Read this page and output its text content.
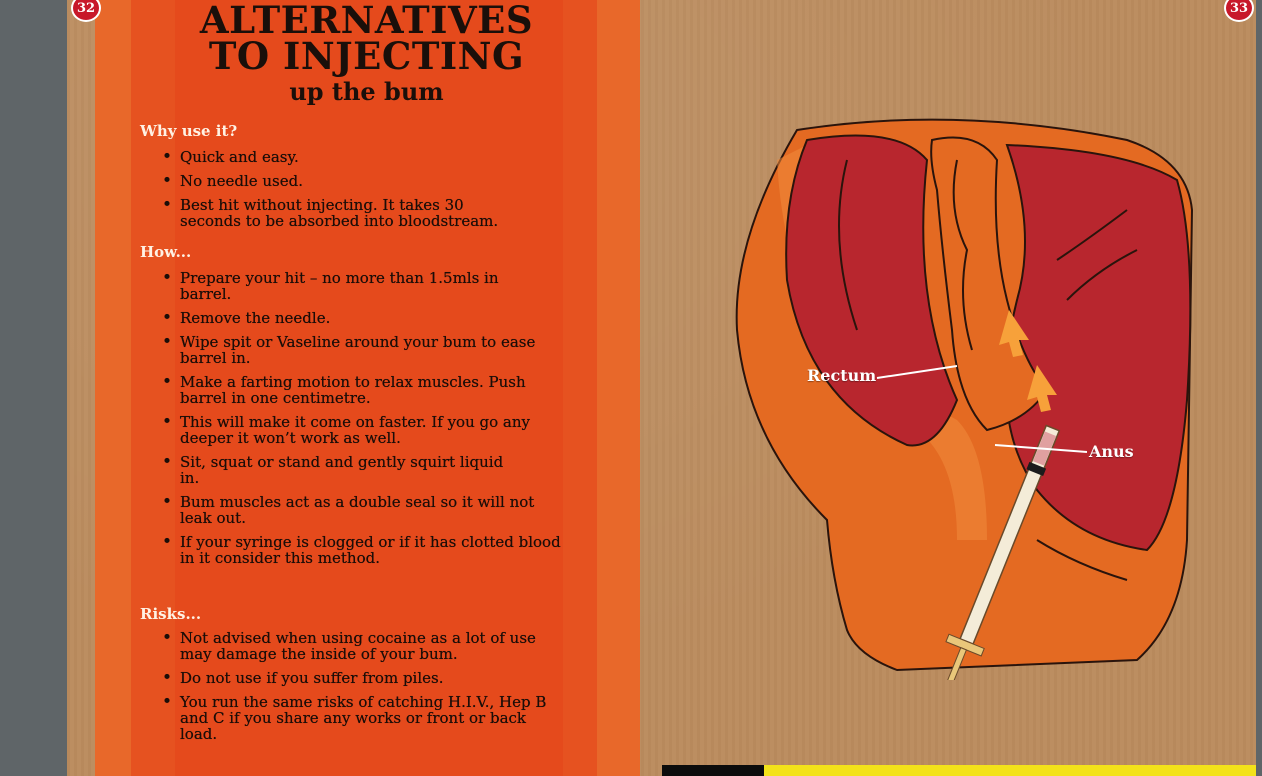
32	ALTERNATIVES
TO INJECTING
up the bum
Why use it?
• Quick and easy.
• No needle used.
• Best hit without injecting. It takes 30 seconds to be absorbed into bloodstream.
How...
• Prepare your hit – no more than 1.5mls in barrel.
• Remove the needle.
• Wipe spit or Vaseline around your bum to ease barrel in.
• Make a farting motion to relax muscles. Push barrel in one centimetre.
• This will make it come on faster. If you go any deeper it won’t work as well.
• Sit, squat or stand and gently squirt liquid in.
• Bum muscles act as a double seal so it will not leak out.
• If your syringe is clogged or if it has clotted blood in it consider this method.
Risks...
• Not advised when using cocaine as a lot of use may damage the inside of your bum.
• Do not use if you suffer from piles.
• You run the same risks of catching H.I.V., Hep B and C if you share any works or front or back load.
33
Rectum
Anus
